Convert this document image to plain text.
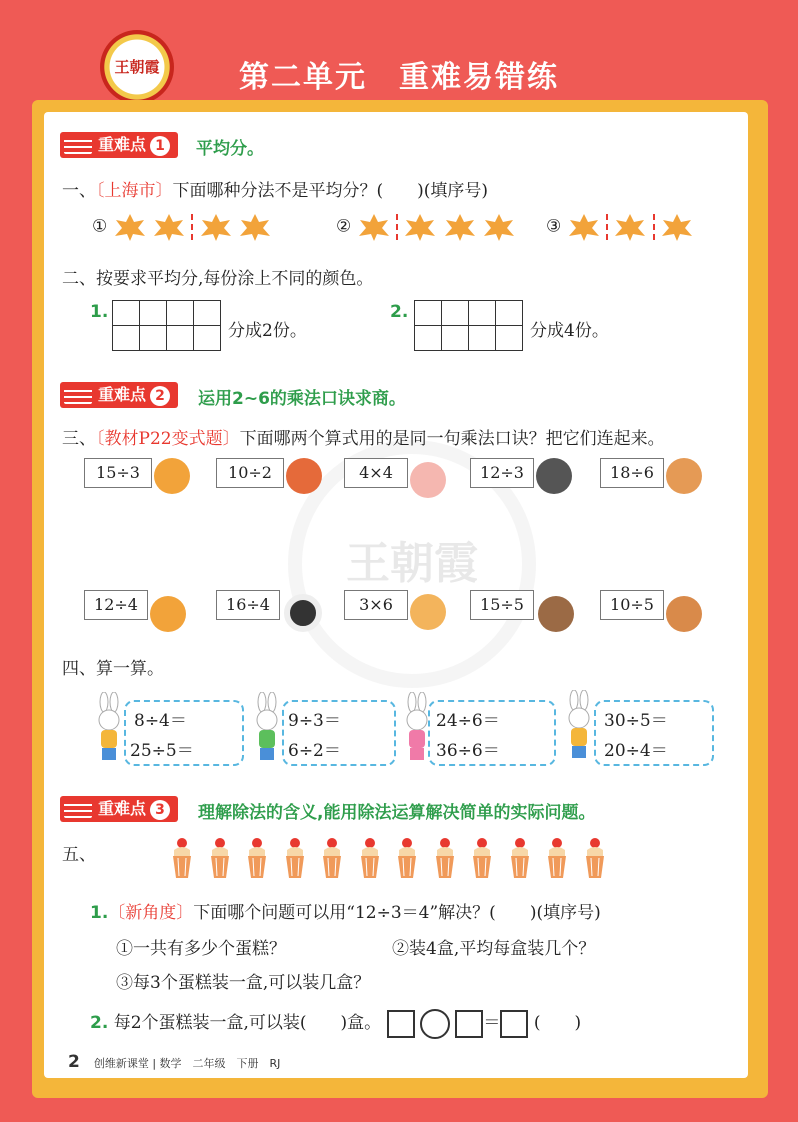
王朝霞	第二单元　重难易错练
王朝霞
重难点 1	平均分。
一、〔上海市〕下面哪种分法不是平均分？(　　)(填序号)
①	②	③
二、按要求平均分,每份涂上不同的颜色。
1.

分成2份。
2.

分成4份。
重难点 2	运用2~6的乘法口诀求商。
三、〔教材P22变式题〕下面哪两个算式用的是同一句乘法口诀？把它们连起来。
15÷3	10÷2	4×4	12÷3	18÷6
12÷4	16÷4	3×6	15÷5	10÷5
四、算一算。
8÷4＝
25÷5＝
9÷3＝
6÷2＝
24÷6＝
36÷6＝
30÷5＝
20÷4＝
重难点 3	理解除法的含义,能用除法运算解决简单的实际问题。
五、
1.〔新角度〕下面哪个问题可以用“12÷3＝4”解决？(　　)(填序号)
①一共有多少个蛋糕？	②装4盒,平均每盒装几个？
③每3个蛋糕装一盒,可以装几盒？
2. 每2个蛋糕装一盒,可以装(　　)盒。	＝ (　　)
2 创维新课堂 | 数学　二年级　下册　RJ
